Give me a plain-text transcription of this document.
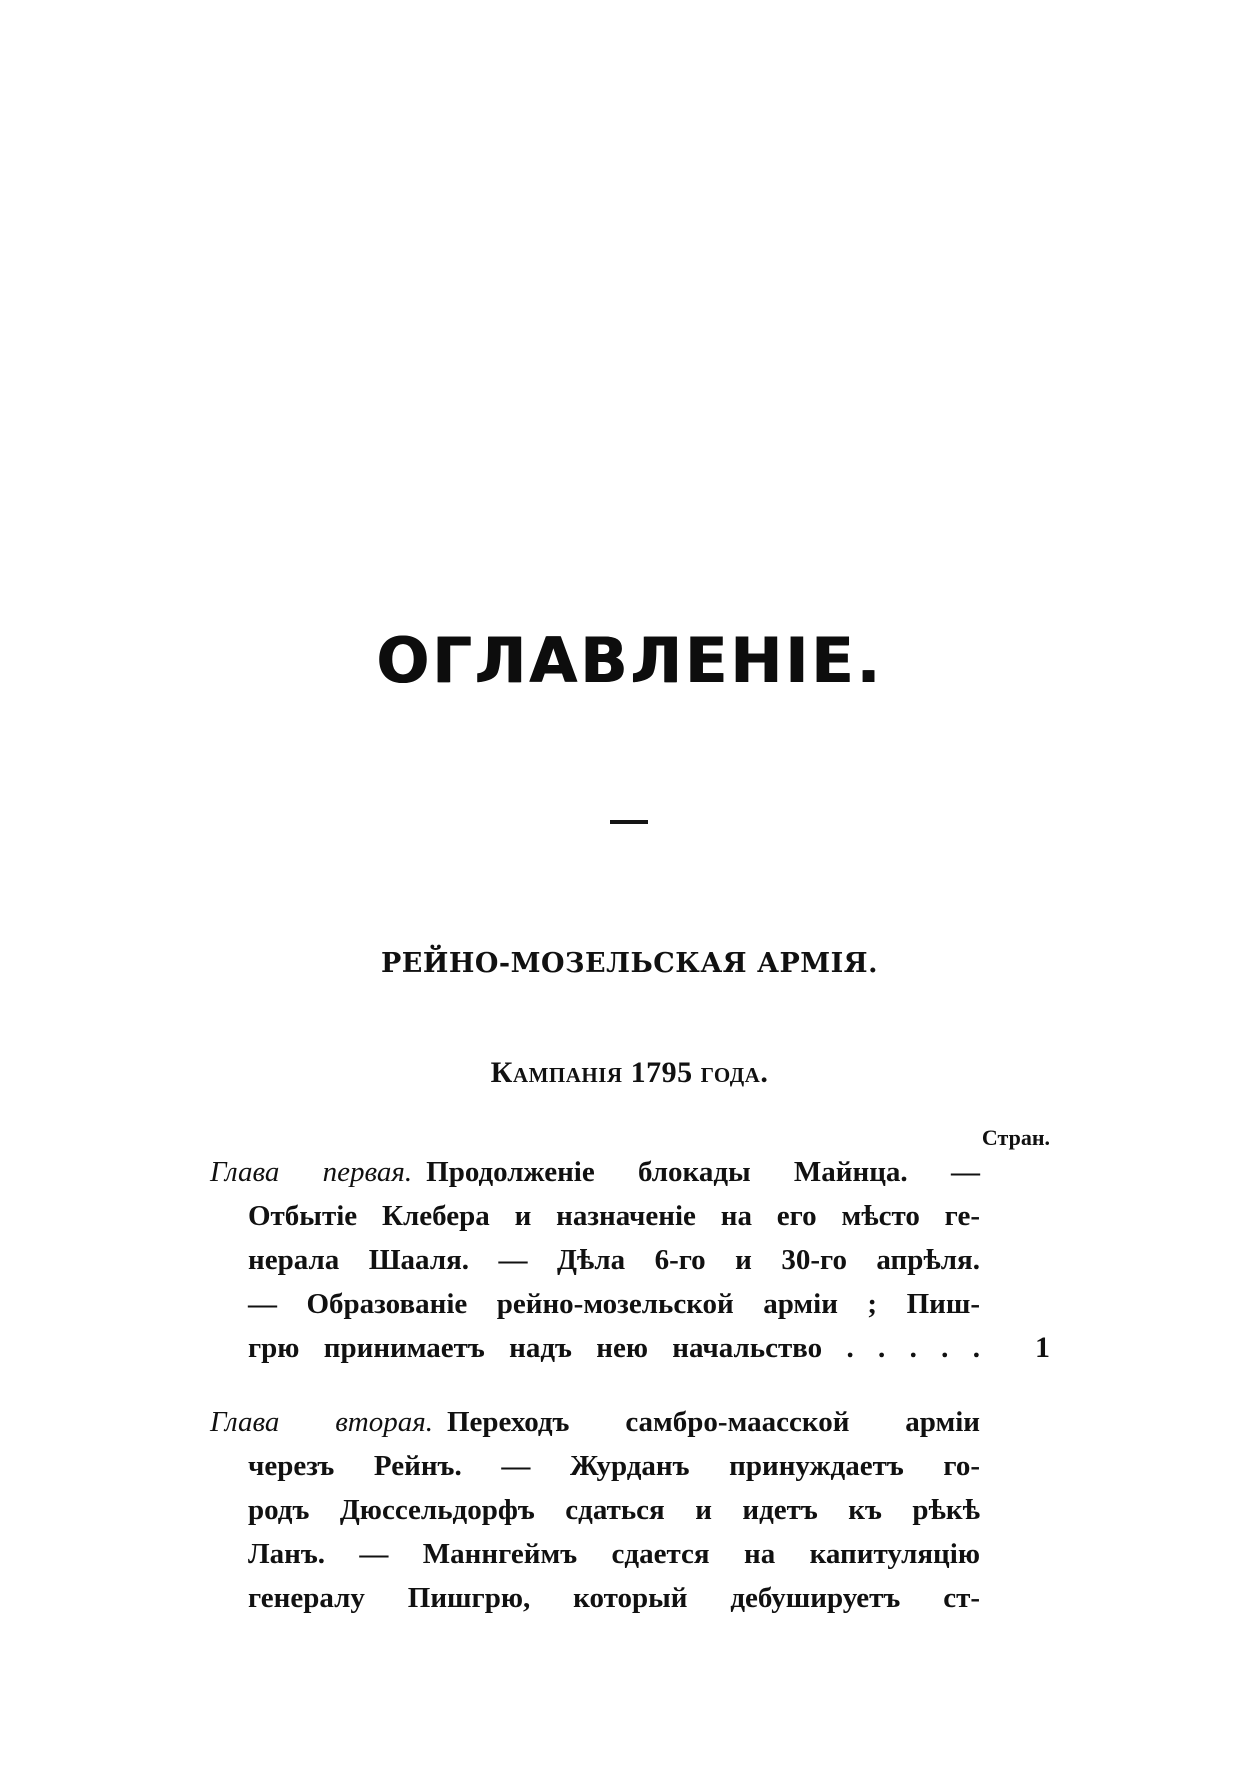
ОГЛАВЛЕНІЕ.
РЕЙНО-МОЗЕЛЬСКАЯ АРМІЯ.
Кампанія 1795 года.
Стран.
Глава первая. Продолженіе блокады Майнца. —
Отбытіе Клебера и назначеніе на его мѣсто ге-
нерала Шааля. — Дѣла 6-го и 30-го апрѣля.
— Образованіе рейно-мозельской арміи ; Пиш-
грю принимаетъ надъ нею начальство . . . . . 1
Глава вторая. Переходъ самбро-маасской арміи
черезъ Рейнъ. — Журданъ принуждаетъ го-
родъ Дюссельдорфъ сдаться и идетъ къ рѣкѣ
Ланъ. — Маннгеймъ сдается на капитуляцію
генералу Пишгрю, который дебушируетъ ст-
